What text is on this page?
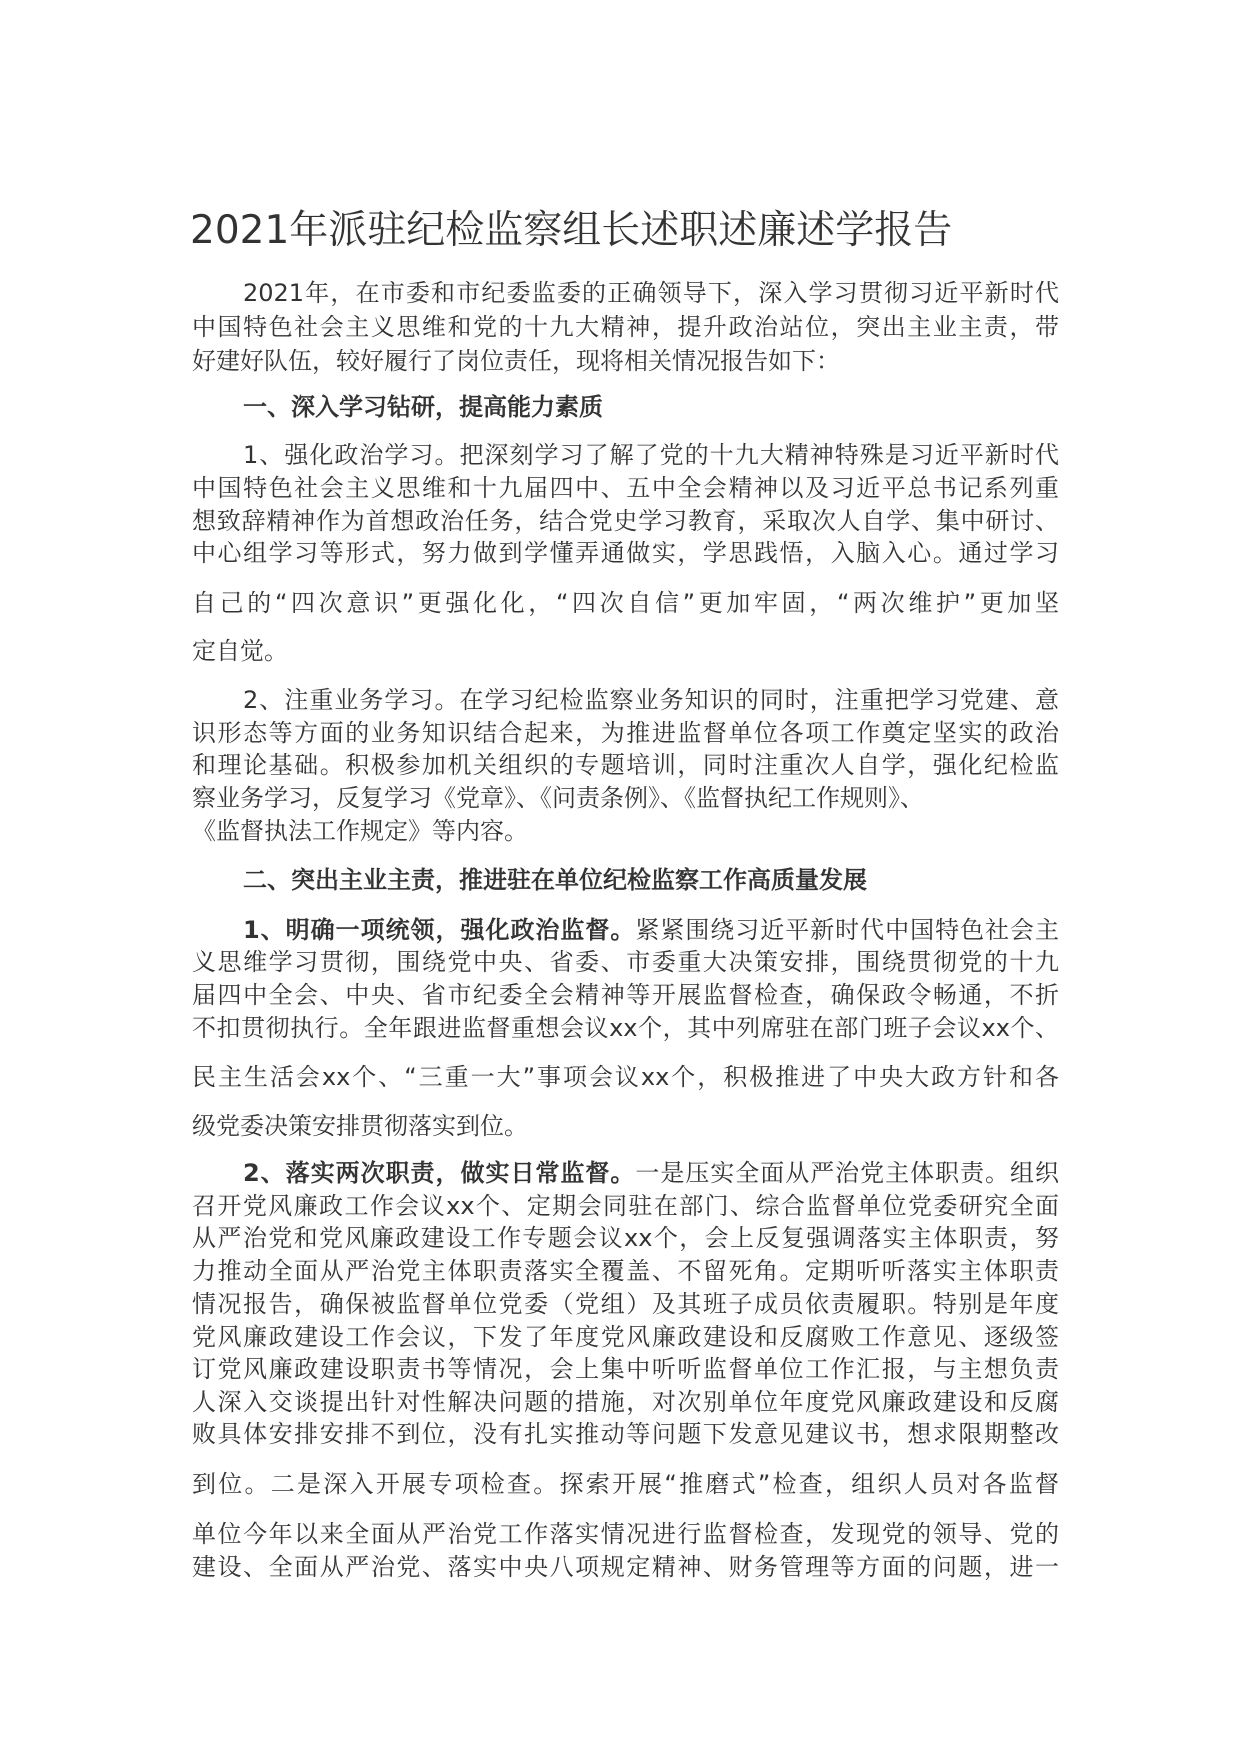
2021年派驻纪检监察组长述职述廉述学报告
2021年，在市委和市纪委监委的正确领导下，深入学习贯彻习近平新时代
中国特色社会主义思维和党的十九大精神，提升政治站位，突出主业主责，带
好建好队伍，较好履行了岗位责任，现将相关情况报告如下：
一、深入学习钻研，提高能力素质
1、强化政治学习。把深刻学习了解了党的十九大精神特殊是习近平新时代
中国特色社会主义思维和十九届四中、五中全会精神以及习近平总书记系列重
想致辞精神作为首想政治任务，结合党史学习教育，采取次人自学、集中研讨、
中心组学习等形式，努力做到学懂弄通做实，学思践悟，入脑入心。通过学习
自己的“四次意识”更强化化，“四次自信”更加牢固，“两次维护”更加坚
定自觉。
2、注重业务学习。在学习纪检监察业务知识的同时，注重把学习党建、意
识形态等方面的业务知识结合起来，为推进监督单位各项工作奠定坚实的政治
和理论基础。积极参加机关组织的专题培训，同时注重次人自学，强化纪检监
察业务学习，反复学习《党章》、《问责条例》、《监督执纪工作规则》、
《监督执法工作规定》等内容。
二、突出主业主责，推进驻在单位纪检监察工作高质量发展
1、明确一项统领，强化政治监督。紧紧围绕习近平新时代中国特色社会主
义思维学习贯彻，围绕党中央、省委、市委重大决策安排，围绕贯彻党的十九
届四中全会、中央、省市纪委全会精神等开展监督检查，确保政令畅通，不折
不扣贯彻执行。全年跟进监督重想会议xx个，其中列席驻在部门班子会议xx个、
民主生活会xx个、“三重一大”事项会议xx个，积极推进了中央大政方针和各
级党委决策安排贯彻落实到位。
2、落实两次职责，做实日常监督。一是压实全面从严治党主体职责。组织
召开党风廉政工作会议xx个、定期会同驻在部门、综合监督单位党委研究全面
从严治党和党风廉政建设工作专题会议xx个，会上反复强调落实主体职责，努
力推动全面从严治党主体职责落实全覆盖、不留死角。定期听听落实主体职责
情况报告，确保被监督单位党委（党组）及其班子成员依责履职。特别是年度
党风廉政建设工作会议，下发了年度党风廉政建设和反腐败工作意见、逐级签
订党风廉政建设职责书等情况，会上集中听听监督单位工作汇报，与主想负责
人深入交谈提出针对性解决问题的措施，对次别单位年度党风廉政建设和反腐
败具体安排安排不到位，没有扎实推动等问题下发意见建议书，想求限期整改
到位。二是深入开展专项检查。探索开展“推磨式”检查，组织人员对各监督
单位今年以来全面从严治党工作落实情况进行监督检查，发现党的领导、党的
建设、全面从严治党、落实中央八项规定精神、财务管理等方面的问题，进一
